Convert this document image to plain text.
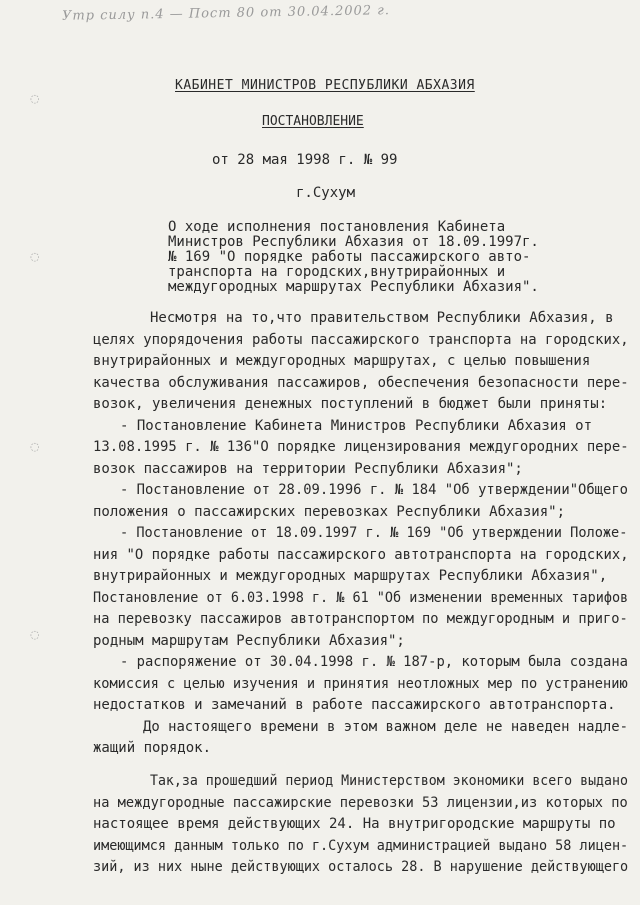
Утр силу п.4 — Пост 80 от 30.04.2002 г.
◌
◌
◌
◌
КАБИНЕТ МИНИСТРОВ РЕСПУБЛИКИ АБХАЗИЯ
ПОСТАНОВЛЕНИЕ
от 28 мая 1998 г. № 99
г.Сухум
О ходе исполнения постановления Кабинета
Министров Республики Абхазия от 18.09.1997г.
№ 169 "О порядке работы пассажирского авто-
транспорта на городских,внутрирайонных и
междугородных маршрутах Республики Абхазия".
Несмотря на то,что правительством Республики Абхазия, в
целях упорядочения работы пассажирского транспорта на городских,
внутрирайонных и междугородных маршрутах, с целью повышения
качества обслуживания пассажиров, обеспечения безопасности пере-
возок, увеличения денежных поступлений в бюджет были приняты:
- Постановление Кабинета Министров Республики Абхазия от
13.08.1995 г. № 136"О порядке лицензирования междугородних пере-
возок пассажиров на территории Республики Абхазия";
- Постановление от 28.09.1996 г. № 184 "Об утверждении"Общего
положения о пассажирских перевозках Республики Абхазия";
- Постановление от 18.09.1997 г. № 169 "Об утверждении Положе-
ния "О порядке работы пассажирского автотранспорта на городских,
внутрирайонных и междугородных маршрутах Республики Абхазия",
Постановление от 6.03.1998 г. № 61 "Об изменении временных тарифов
на перевозку пассажиров автотранспортом по междугородным и приго-
родным маршрутам Республики Абхазия";
- распоряжение от 30.04.1998 г. № 187-р, которым была создана
комиссия с целью изучения и принятия неотложных мер по устранению
недостатков и замечаний в работе пассажирского автотранспорта.
До настоящего времени в этом важном деле не наведен надле-
жащий порядок.
Так,за прошедший период Министерством экономики всего выдано
на междугородные пассажирские перевозки 53 лицензии,из которых по
настоящее время действующих 24. На внутригородские маршруты по
имеющимся данным только по г.Сухум администрацией выдано 58 лицен-
зий, из них ныне действующих осталось 28. В нарушение действующего
